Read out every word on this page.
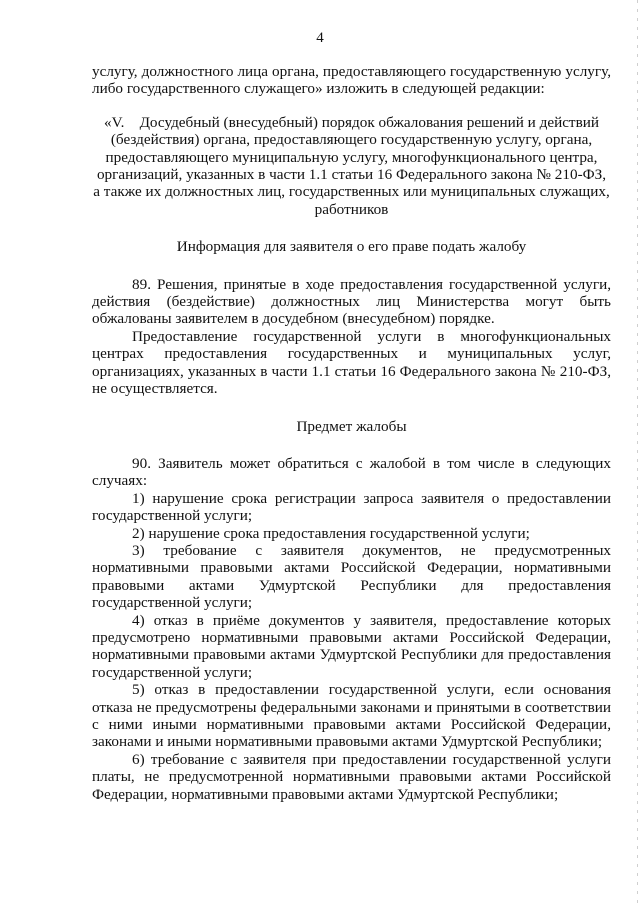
4

услугу, должностного лица органа, предоставляющего государственную услугу, либо государственного служащего» изложить в следующей редакции:

«V. Досудебный (внесудебный) порядок обжалования решений и действий (бездействия) органа, предоставляющего государственную услугу, органа, предоставляющего муниципальную услугу, многофункционального центра, организаций, указанных в части 1.1 статьи 16 Федерального закона № 210-ФЗ, а также их должностных лиц, государственных или муниципальных служащих, работников

Информация для заявителя о его праве подать жалобу

89. Решения, принятые в ходе предоставления государственной услуги, действия (бездействие) должностных лиц Министерства могут быть обжалованы заявителем в досудебном (внесудебном) порядке.

Предоставление государственной услуги в многофункциональных центрах предоставления государственных и муниципальных услуг, организациях, указанных в части 1.1 статьи 16 Федерального закона № 210-ФЗ, не осуществляется.

Предмет жалобы

90. Заявитель может обратиться с жалобой в том числе в следующих случаях:

1) нарушение срока регистрации запроса заявителя о предоставлении государственной услуги;

2) нарушение срока предоставления государственной услуги;

3) требование с заявителя документов, не предусмотренных нормативными правовыми актами Российской Федерации, нормативными правовыми актами Удмуртской Республики для предоставления государственной услуги;

4) отказ в приёме документов у заявителя, предоставление которых предусмотрено нормативными правовыми актами Российской Федерации, нормативными правовыми актами Удмуртской Республики для предоставления государственной услуги;

5) отказ в предоставлении государственной услуги, если основания отказа не предусмотрены федеральными законами и принятыми в соответствии с ними иными нормативными правовыми актами Российской Федерации, законами и иными нормативными правовыми актами Удмуртской Республики;

6) требование с заявителя при предоставлении государственной услуги платы, не предусмотренной нормативными правовыми актами Российской Федерации, нормативными правовыми актами Удмуртской Республики;
